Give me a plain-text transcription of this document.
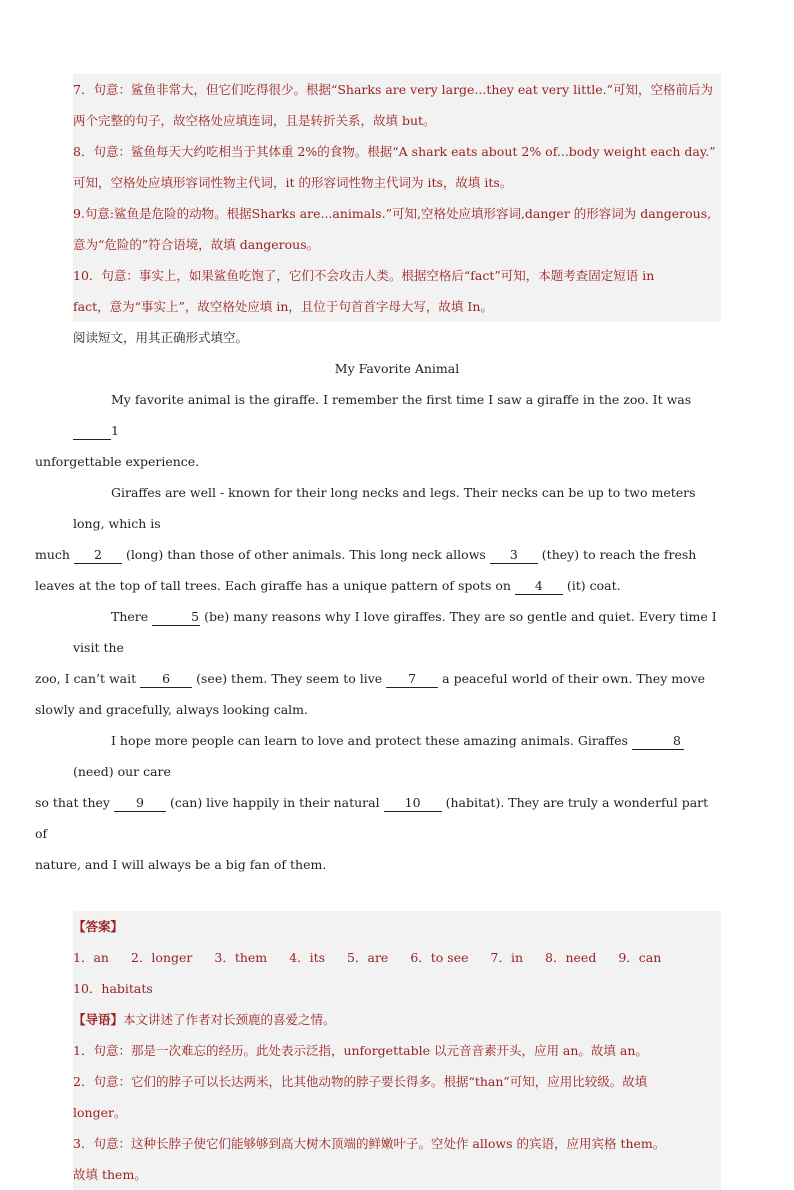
7．句意：鲨鱼非常大，但它们吃得很少。根据“Sharks are very large...they eat very little.”可知，空格前后为
两个完整的句子，故空格处应填连词，且是转折关系，故填 but。
8．句意：鲨鱼每天大约吃相当于其体重 2%的食物。根据“A shark eats about 2% of...body weight each day.”
可知，空格处应填形容词性物主代词，it 的形容词性物主代词为 its，故填 its。
9.句意:鲨鱼是危险的动物。根据Sharks are...animals.”可知,空格处应填形容词,danger 的形容词为 dangerous,
意为“危险的”符合语境，故填 dangerous。
10．句意：事实上，如果鲨鱼吃饱了，它们不会攻击人类。根据空格后“fact”可知，本题考查固定短语 in
fact，意为“事实上”，故空格处应填 in，且位于句首首字母大写，故填 In。
阅读短文，用其正确形式填空。
My Favorite Animal
My favorite animal is the giraffe. I remember the first time I saw a giraffe in the zoo. It was 1
unforgettable experience.
Giraffes are well - known for their long necks and legs. Their necks can be up to two meters long, which is
much 2 (long) than those of other animals. This long neck allows 3 (they) to reach the fresh
leaves at the top of tall trees. Each giraffe has a unique pattern of spots on 4 (it) coat.
There	5 (be) many reasons why I love giraffes. They are so gentle and quiet. Every time I visit the
zoo, I can’t wait 6 (see) them. They seem to live 7 a peaceful world of their own. They move
slowly and gracefully, always looking calm.
I hope more people can learn to love and protect these amazing animals. Giraffes	8 (need) our care
so that they 9 (can) live happily in their natural 10 (habitat). They are truly a wonderful part of
nature, and I will always be a big fan of them.
【答案】
1．an 2．longer 3．them 4．its 5．are 6．to see 7．in 8．need 9．can
10．habitats
【导语】本文讲述了作者对长颈鹿的喜爱之情。
1．句意：那是一次难忘的经历。此处表示泛指，unforgettable 以元音音素开头，应用 an。故填 an。
2．句意：它们的脖子可以长达两米，比其他动物的脖子要长得多。根据“than”可知，应用比较级。故填
longer。
3．句意：这种长脖子使它们能够够到高大树木顶端的鲜嫩叶子。空处作 allows 的宾语，应用宾格 them。
故填 them。
